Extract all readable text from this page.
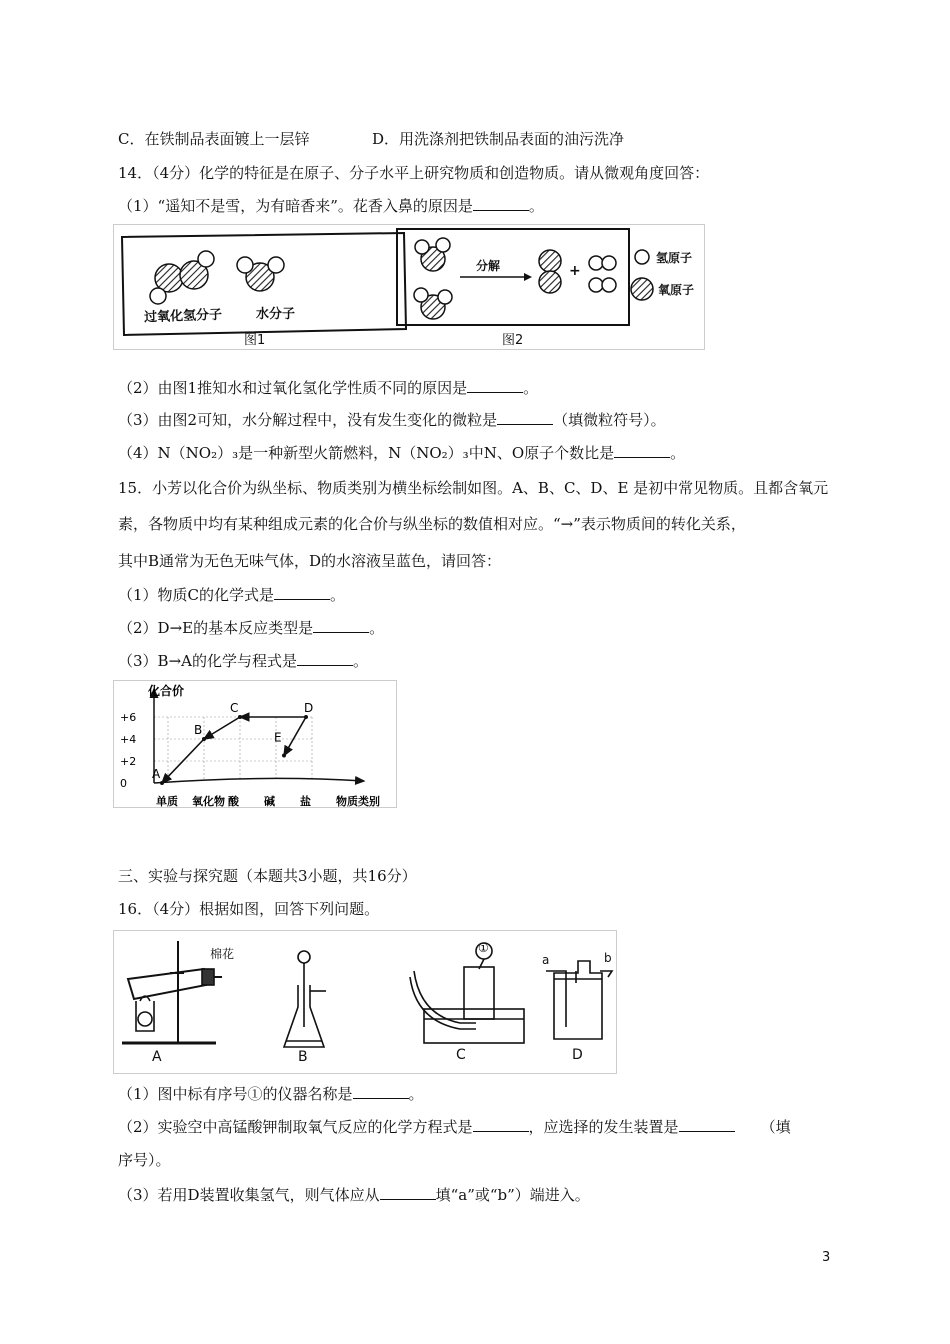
C．在铁制品表面镀上一层锌	D．用洗涤剂把铁制品表面的油污洗净
14．（4分）化学的特征是在原子、分子水平上研究物质和创造物质。请从微观角度回答：
（1）“遥知不是雪，为有暗香来”。花香入鼻的原因是	。
过氧化氢分子	水分子
图1	图2
分解	+
氢原子
氧原子
（2）由图1推知水和过氧化氢化学性质不同的原因是	。
（3）由图2可知，水分解过程中，没有发生变化的微粒是	（填微粒符号）。
（4）N（NO₂）₃是一种新型火箭燃料，N（NO₂）₃中N、O原子个数比是	。
15．小芳以化合价为纵坐标、物质类别为横坐标绘制如图。A、B、C、D、E 是初中常见物质。且都含氧元
素，各物质中均有某种组成元素的化合价与纵坐标的数值相对应。“→”表示物质间的转化关系，
其中B通常为无色无味气体，D的水溶液呈蓝色，请回答：
（1）物质C的化学式是	。
（2）D→E的基本反应类型是	。
（3）B→A的化学与程式是	。
0
+2
+4
+6
单质 氧化物 酸 碱 盐
化合价
物质类别
A
B
C	D
E
三、实验与探究题（本题共3小题，共16分）
16．（4分）根据如图，回答下列问题。
棉花	①
a	b
A	B	C	D
（1）图中标有序号①的仪器名称是	。
（2）实验空中高锰酸钾制取氧气反应的化学方程式是	，应选择的发生装置是	（填
序号）。
（3）若用D装置收集氢气，则气体应从	填“a”或“b”）端进入。
3
